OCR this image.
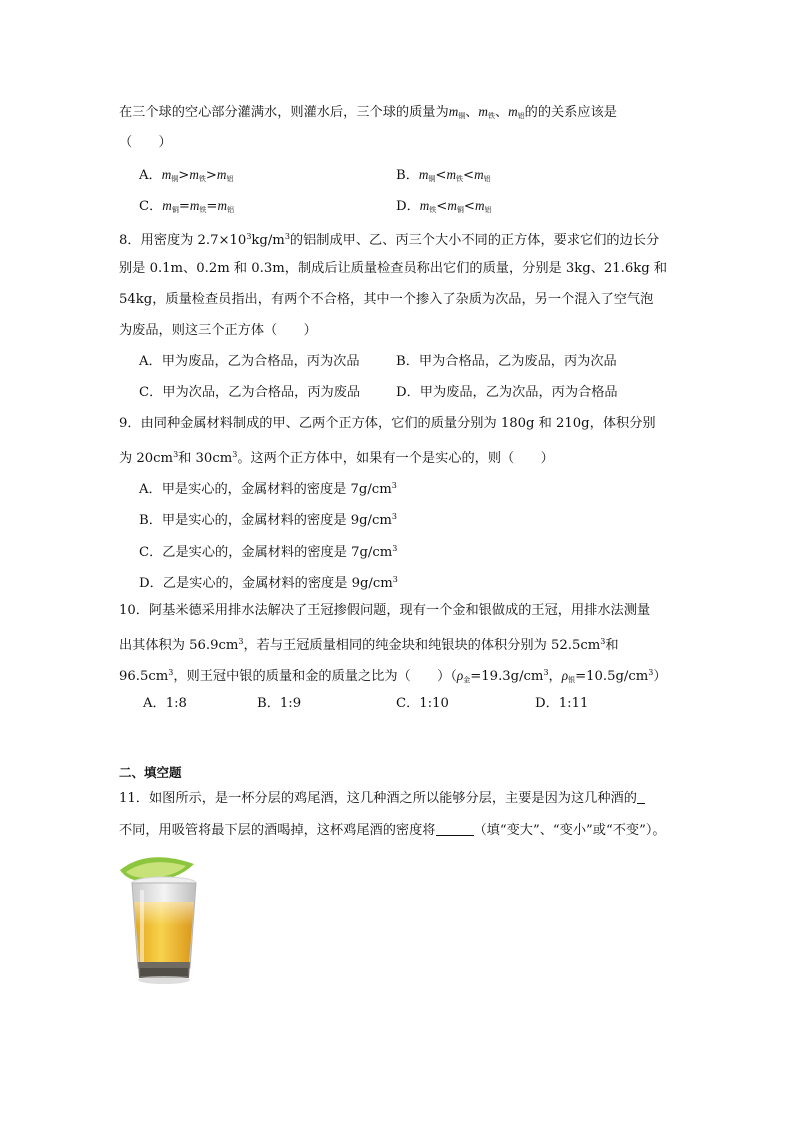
在三个球的空心部分灌满水，则灌水后，三个球的质量为$m_铜$、$m_铁$、$m_铝$的的关系应该是
（　　）
A．$m_铜>m_铁>m_铝$	B．$m_铜<m_铁<m_铝$
C．$m_铜=m_铁=m_铝$	D．$m_铁<m_铜<m_铝$
8．用密度为 $2.7\times 10^3kg/m^3$的铝制成甲、乙、丙三个大小不同的正方体，要求它们的边长分
别是 0.1m、0.2m 和 0.3m，制成后让质量检查员称出它们的质量，分别是 3kg、21.6kg 和
54kg，质量检查员指出，有两个不合格，其中一个掺入了杂质为次品，另一个混入了空气泡
为废品，则这三个正方体（　　）
A．甲为废品，乙为合格品，丙为次品	B．甲为合格品，乙为废品，丙为次品
C．甲为次品，乙为合格品，丙为废品	D．甲为废品，乙为次品，丙为合格品
9．由同种金属材料制成的甲、乙两个正方体，它们的质量分别为 180g 和 210g，体积分别
为 $20cm^3$和 $30cm^3$。这两个正方体中，如果有一个是实心的，则（　　）
A．甲是实心的，金属材料的密度是 $7g/cm^3$
B．甲是实心的，金属材料的密度是 $9g/cm^3$
C．乙是实心的，金属材料的密度是 $7g/cm^3$
D．乙是实心的，金属材料的密度是 $9g/cm^3$
10．阿基米德采用排水法解决了王冠掺假问题，现有一个金和银做成的王冠，用排水法测量
出其体积为 $56.9cm^3$，若与王冠质量相同的纯金块和纯银块的体积分别为 $52.5cm^3$和
$96.5cm^3$，则王冠中银的质量和金的质量之比为（　　）（$\rho_金=19.3g/cm^3$，$\rho_银=10.5g/cm^3$）
A．1:8	B．1:9	C．1:10	D．1:11
二、填空题
11．如图所示，是一杯分层的鸡尾酒，这几种酒之所以能够分层，主要是因为这几种酒的
不同，用吸管将最下层的酒喝掉，这杯鸡尾酒的密度将	（填“变大”、“变小”或“不变”）。
